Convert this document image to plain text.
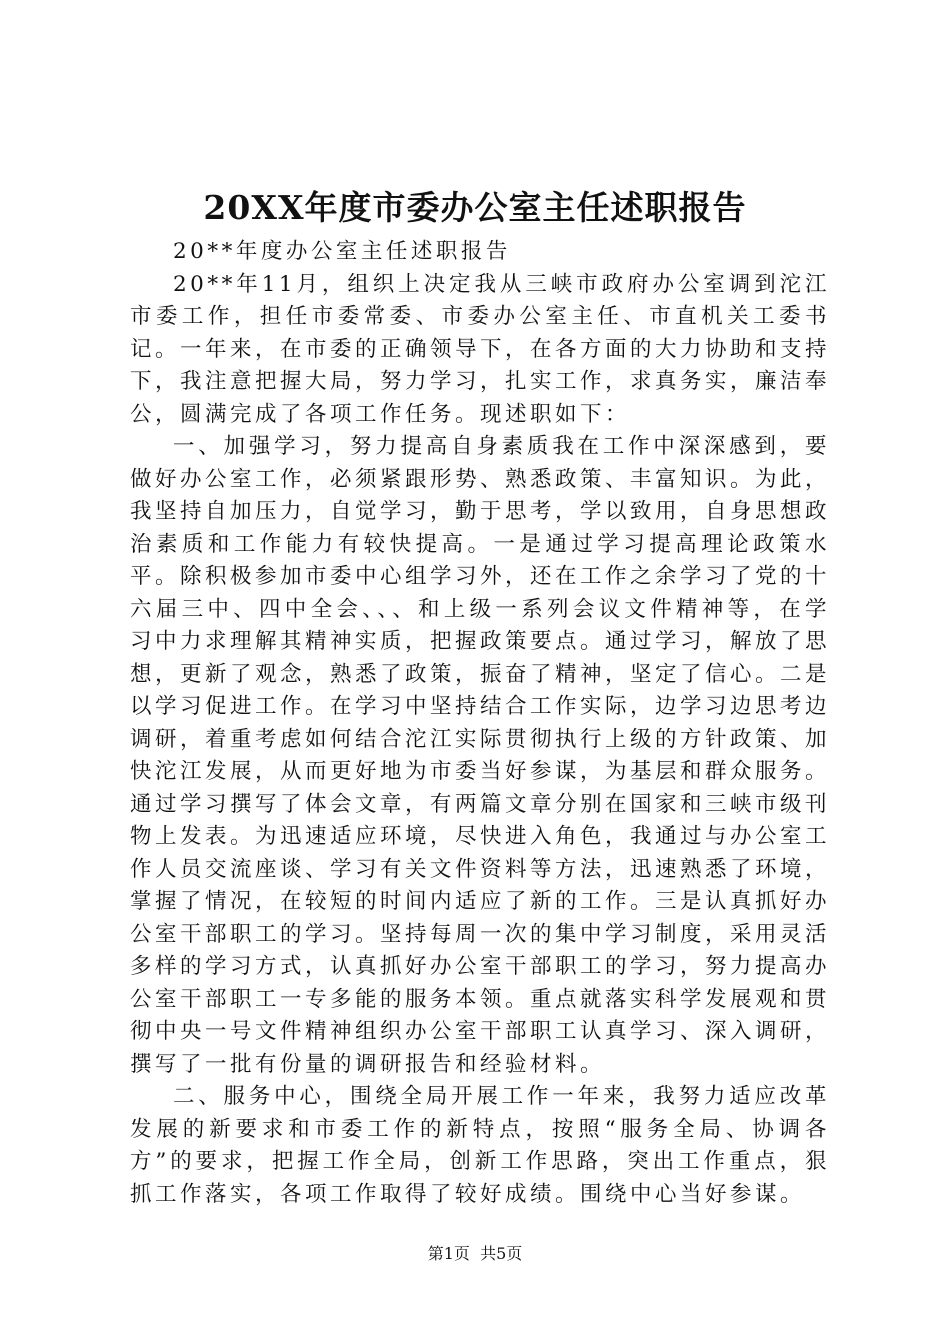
20XX年度市委办公室主任述职报告

20**年度办公室主任述职报告

20**年11月，组织上决定我从三峡市政府办公室调到沱江市委工作，担任市委常委、市委办公室主任、市直机关工委书记。一年来，在市委的正确领导下，在各方面的大力协助和支持下，我注意把握大局，努力学习，扎实工作，求真务实，廉洁奉公，圆满完成了各项工作任务。现述职如下：

一、加强学习，努力提高自身素质我在工作中深深感到，要做好办公室工作，必须紧跟形势、熟悉政策、丰富知识。为此，我坚持自加压力，自觉学习，勤于思考，学以致用，自身思想政治素质和工作能力有较快提高。一是通过学习提高理论政策水平。除积极参加市委中心组学习外，还在工作之余学习了党的十六届三中、四中全会、、、和上级一系列会议文件精神等，在学习中力求理解其精神实质，把握政策要点。通过学习，解放了思想，更新了观念，熟悉了政策，振奋了精神，坚定了信心。二是以学习促进工作。在学习中坚持结合工作实际，边学习边思考边调研，着重考虑如何结合沱江实际贯彻执行上级的方针政策、加快沱江发展，从而更好地为市委当好参谋，为基层和群众服务。通过学习撰写了体会文章，有两篇文章分别在国家和三峡市级刊物上发表。为迅速适应环境，尽快进入角色，我通过与办公室工作人员交流座谈、学习有关文件资料等方法，迅速熟悉了环境，掌握了情况，在较短的时间内适应了新的工作。三是认真抓好办公室干部职工的学习。坚持每周一次的集中学习制度，采用灵活多样的学习方式，认真抓好办公室干部职工的学习，努力提高办公室干部职工一专多能的服务本领。重点就落实科学发展观和贯彻中央一号文件精神组织办公室干部职工认真学习、深入调研，撰写了一批有份量的调研报告和经验材料。

二、服务中心，围绕全局开展工作一年来，我努力适应改革发展的新要求和市委工作的新特点，按照“服务全局、协调各方”的要求，把握工作全局，创新工作思路，突出工作重点，狠抓工作落实，各项工作取得了较好成绩。围绕中心当好参谋。

第1页 共5页
